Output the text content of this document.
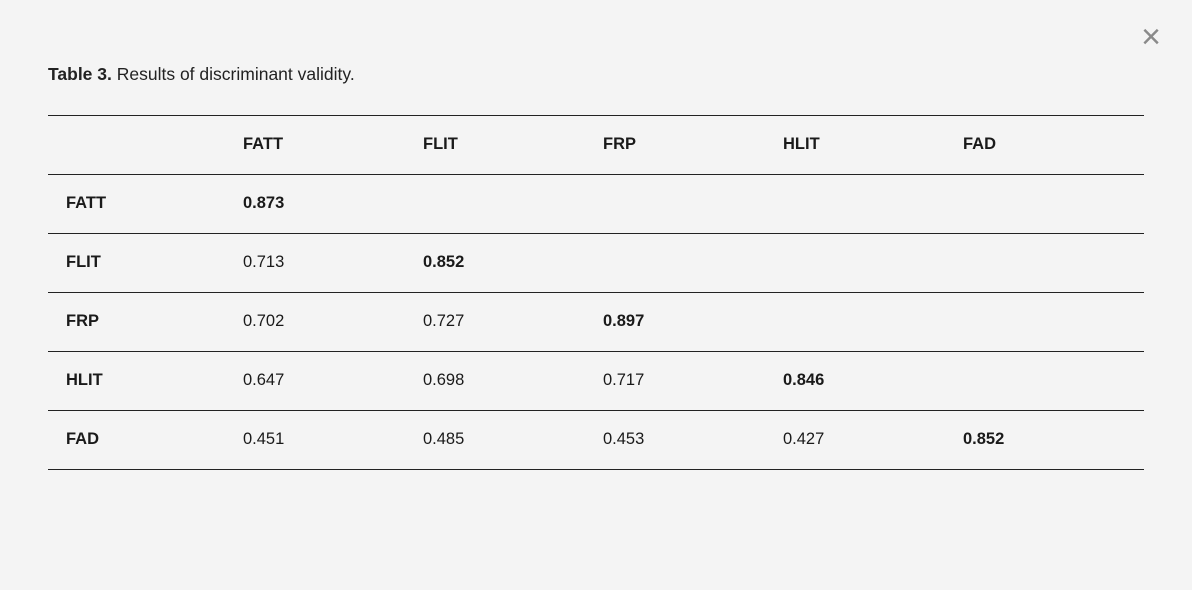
×
Table 3. Results of discriminant validity.
	FATT	FLIT	FRP	HLIT	FAD
FATT	0.873				
FLIT	0.713	0.852			
FRP	0.702	0.727	0.897		
HLIT	0.647	0.698	0.717	0.846	
FAD	0.451	0.485	0.453	0.427	0.852
